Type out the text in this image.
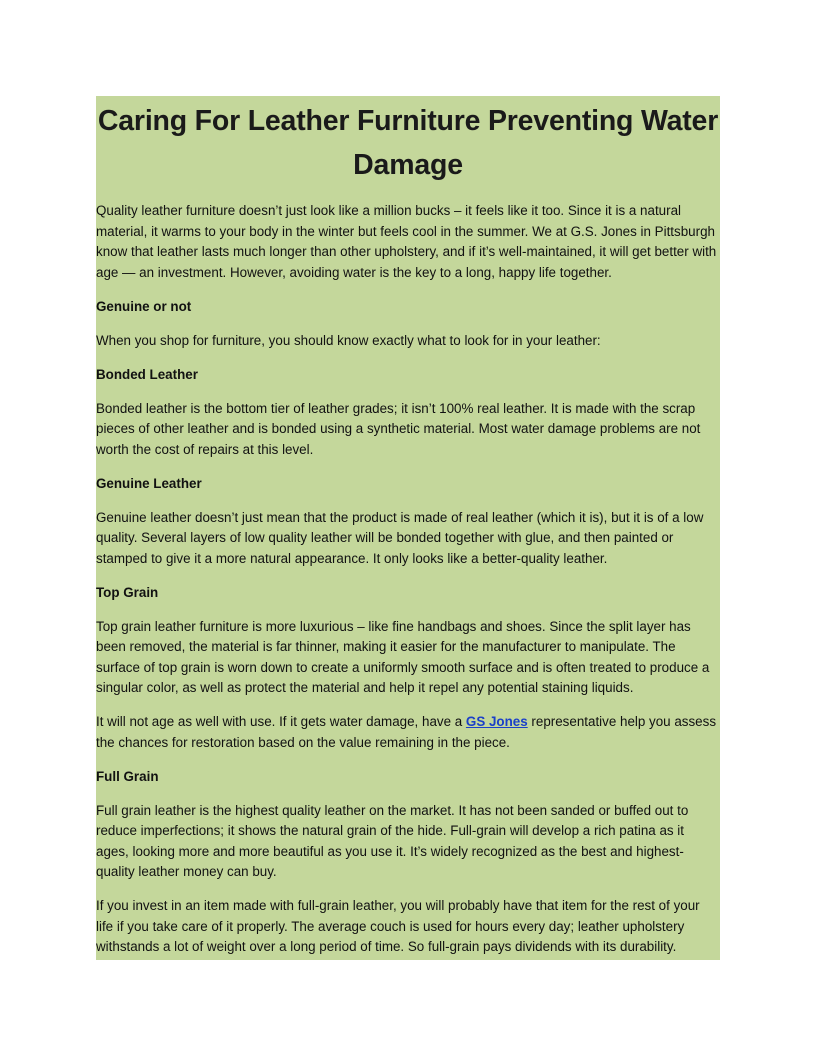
Caring For Leather Furniture Preventing Water Damage

Quality leather furniture doesn’t just look like a million bucks – it feels like it too. Since it is a natural material, it warms to your body in the winter but feels cool in the summer. We at G.S. Jones in Pittsburgh know that leather lasts much longer than other upholstery, and if it’s well-maintained, it will get better with age — an investment. However, avoiding water is the key to a long, happy life together.

Genuine or not

When you shop for furniture, you should know exactly what to look for in your leather:

Bonded Leather

Bonded leather is the bottom tier of leather grades; it isn’t 100% real leather. It is made with the scrap pieces of other leather and is bonded using a synthetic material. Most water damage problems are not worth the cost of repairs at this level.

Genuine Leather

Genuine leather doesn’t just mean that the product is made of real leather (which it is), but it is of a low quality. Several layers of low quality leather will be bonded together with glue, and then painted or stamped to give it a more natural appearance. It only looks like a better-quality leather.

Top Grain

Top grain leather furniture is more luxurious – like fine handbags and shoes. Since the split layer has been removed, the material is far thinner, making it easier for the manufacturer to manipulate. The surface of top grain is worn down to create a uniformly smooth surface and is often treated to produce a singular color, as well as protect the material and help it repel any potential staining liquids.

It will not age as well with use. If it gets water damage, have a GS Jones representative help you assess the chances for restoration based on the value remaining in the piece.

Full Grain

Full grain leather is the highest quality leather on the market. It has not been sanded or buffed out to reduce imperfections; it shows the natural grain of the hide. Full-grain will develop a rich patina as it ages, looking more and more beautiful as you use it. It’s widely recognized as the best and highest-quality leather money can buy.

If you invest in an item made with full-grain leather, you will probably have that item for the rest of your life if you take care of it properly. The average couch is used for hours every day; leather upholstery withstands a lot of weight over a long period of time. So full-grain pays dividends with its durability.
